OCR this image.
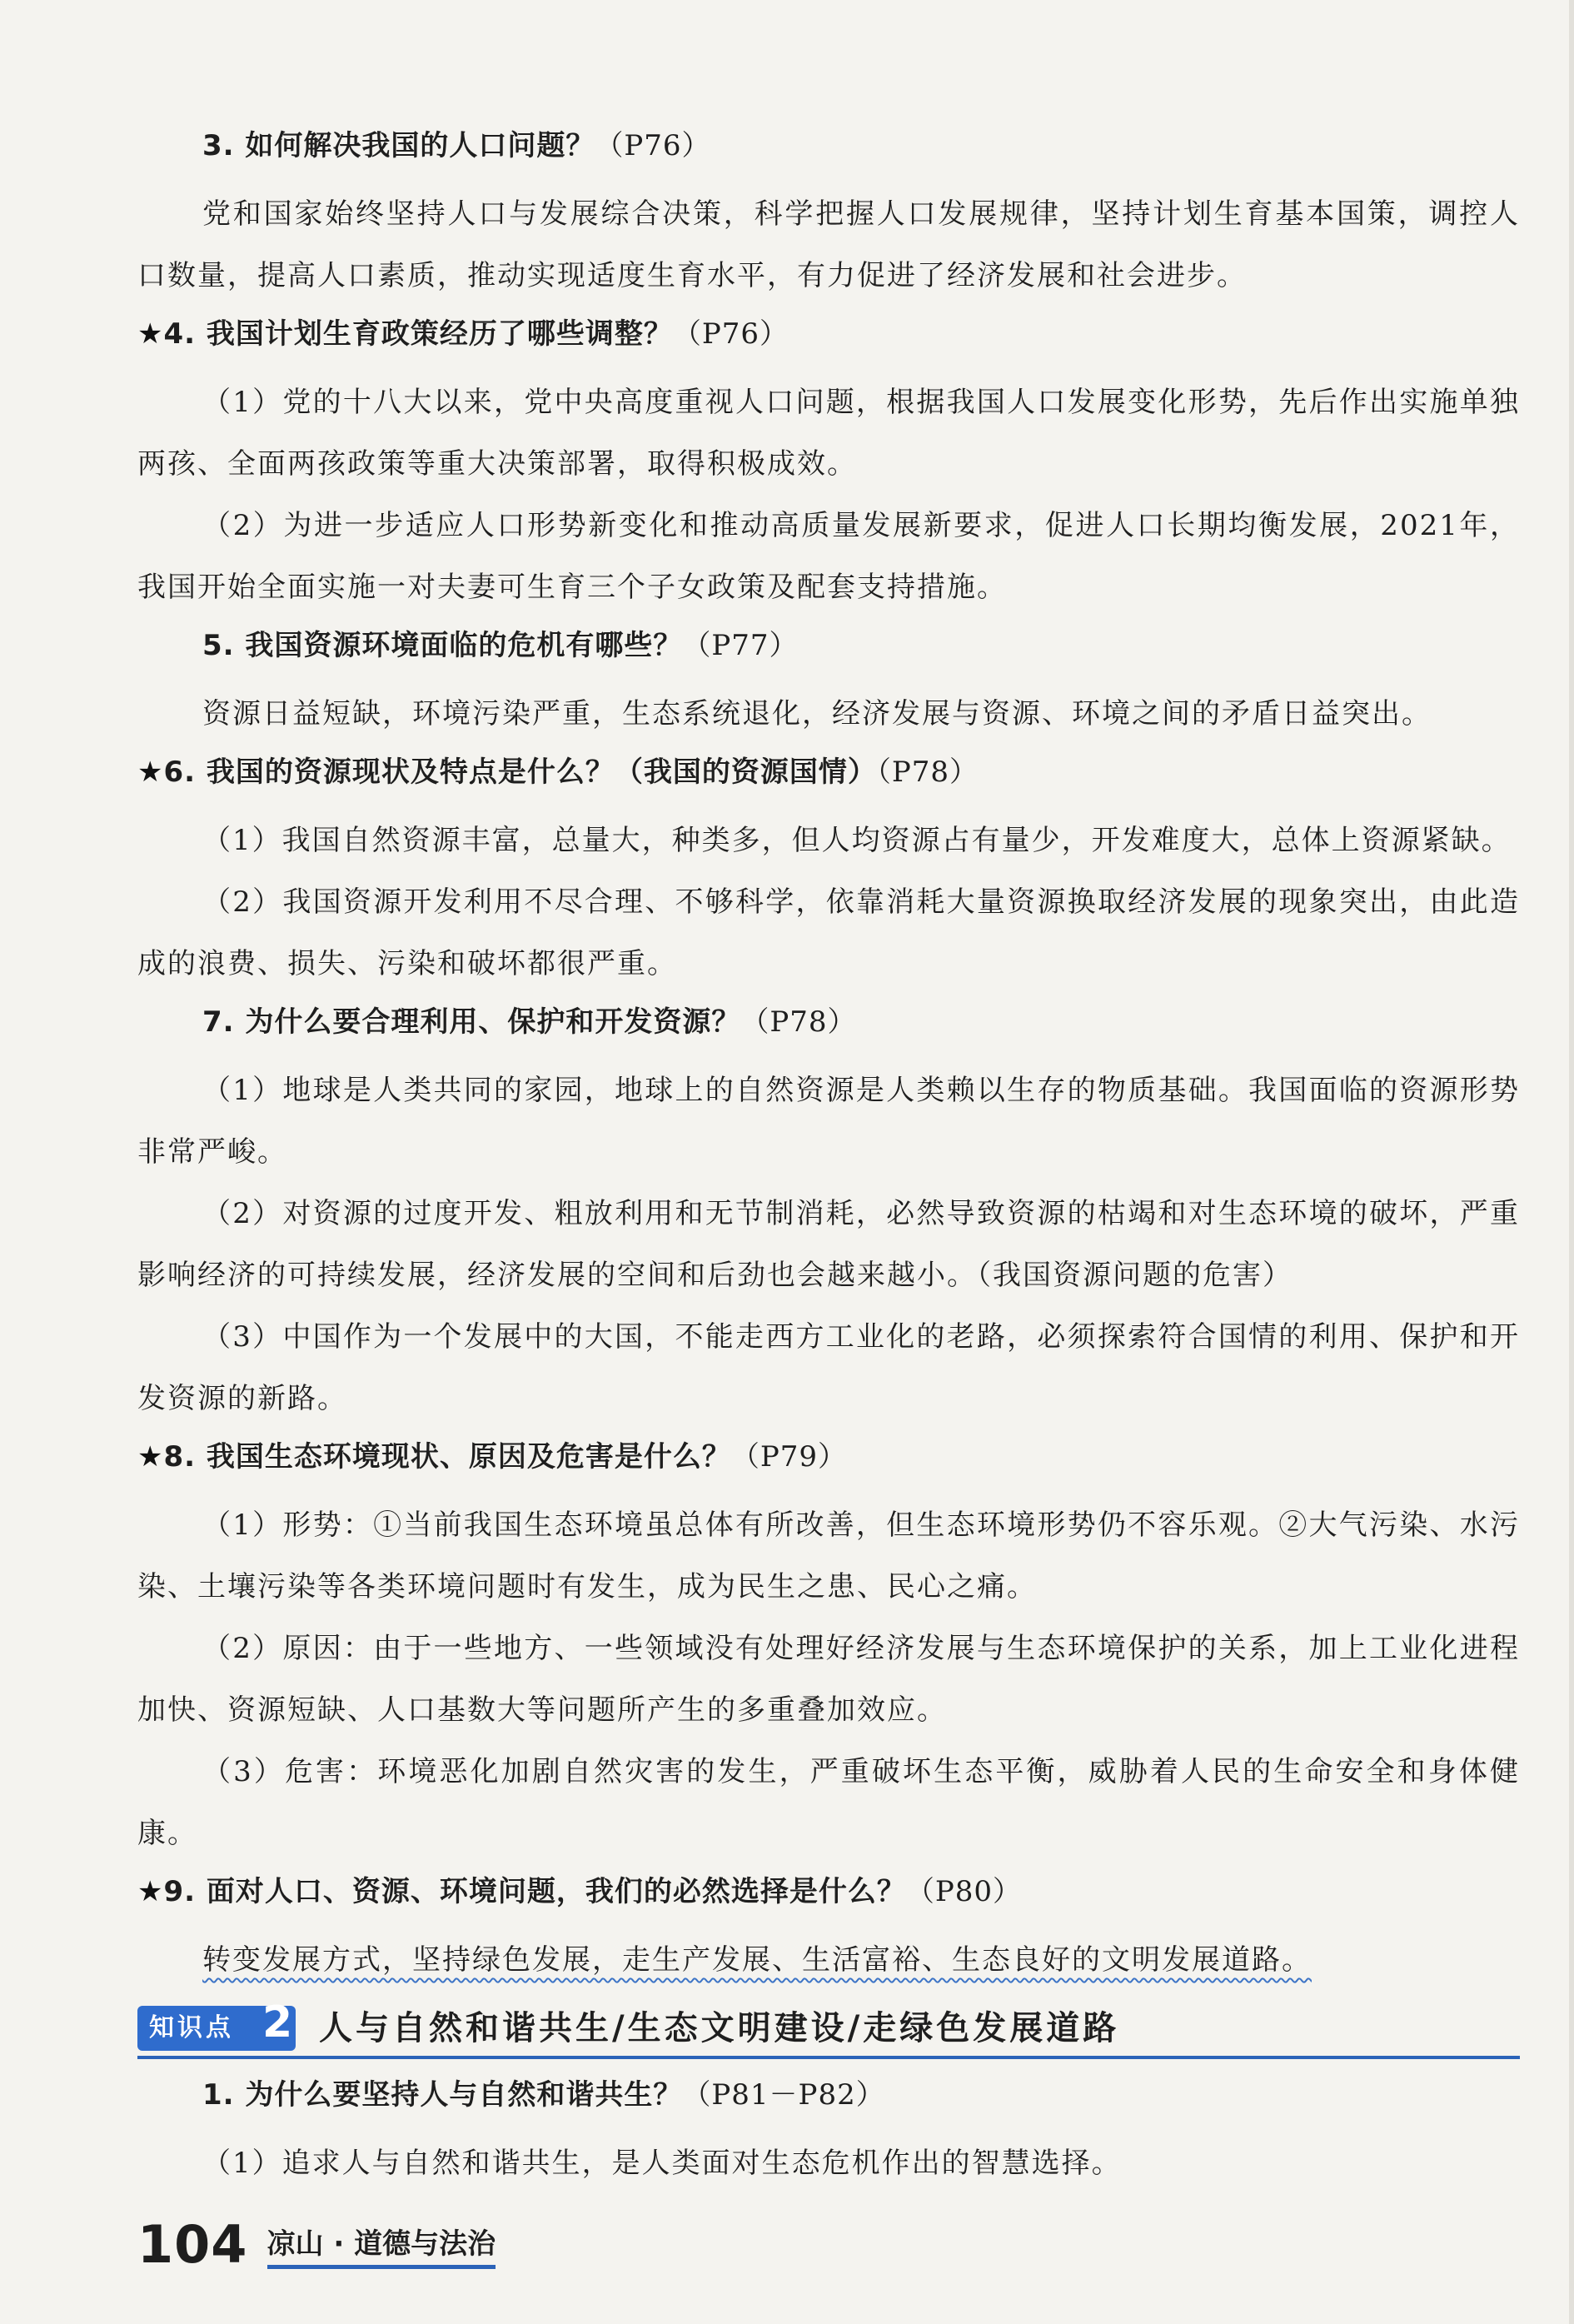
3. 如何解决我国的人口问题？（P76）

党和国家始终坚持人口与发展综合决策，科学把握人口发展规律，坚持计划生育基本国策，调控人口数量，提高人口素质，推动实现适度生育水平，有力促进了经济发展和社会进步。

★4. 我国计划生育政策经历了哪些调整？（P76）

（1）党的十八大以来，党中央高度重视人口问题，根据我国人口发展变化形势，先后作出实施单独两孩、全面两孩政策等重大决策部署，取得积极成效。

（2）为进一步适应人口形势新变化和推动高质量发展新要求，促进人口长期均衡发展，2021年，我国开始全面实施一对夫妻可生育三个子女政策及配套支持措施。

5. 我国资源环境面临的危机有哪些？（P77）

资源日益短缺，环境污染严重，生态系统退化，经济发展与资源、环境之间的矛盾日益突出。

★6. 我国的资源现状及特点是什么？（我国的资源国情）（P78）

（1）我国自然资源丰富，总量大，种类多，但人均资源占有量少，开发难度大，总体上资源紧缺。

（2）我国资源开发利用不尽合理、不够科学，依靠消耗大量资源换取经济发展的现象突出，由此造成的浪费、损失、污染和破坏都很严重。

7. 为什么要合理利用、保护和开发资源？（P78）

（1）地球是人类共同的家园，地球上的自然资源是人类赖以生存的物质基础。我国面临的资源形势非常严峻。

（2）对资源的过度开发、粗放利用和无节制消耗，必然导致资源的枯竭和对生态环境的破坏，严重影响经济的可持续发展，经济发展的空间和后劲也会越来越小。（我国资源问题的危害）

（3）中国作为一个发展中的大国，不能走西方工业化的老路，必须探索符合国情的利用、保护和开发资源的新路。

★8. 我国生态环境现状、原因及危害是什么？（P79）

（1）形势：①当前我国生态环境虽总体有所改善，但生态环境形势仍不容乐观。②大气污染、水污染、土壤污染等各类环境问题时有发生，成为民生之患、民心之痛。

（2）原因：由于一些地方、一些领域没有处理好经济发展与生态环境保护的关系，加上工业化进程加快、资源短缺、人口基数大等问题所产生的多重叠加效应。

（3）危害：环境恶化加剧自然灾害的发生，严重破坏生态平衡，威胁着人民的生命安全和身体健康。

★9. 面对人口、资源、环境问题，我们的必然选择是什么？（P80）

转变发展方式，坚持绿色发展，走生产发展、生活富裕、生态良好的文明发展道路。

知识点 2 人与自然和谐共生/生态文明建设/走绿色发展道路
1. 为什么要坚持人与自然和谐共生？（P81－P82）

（1）追求人与自然和谐共生，是人类面对生态危机作出的智慧选择。

104 凉山 · 道德与法治
